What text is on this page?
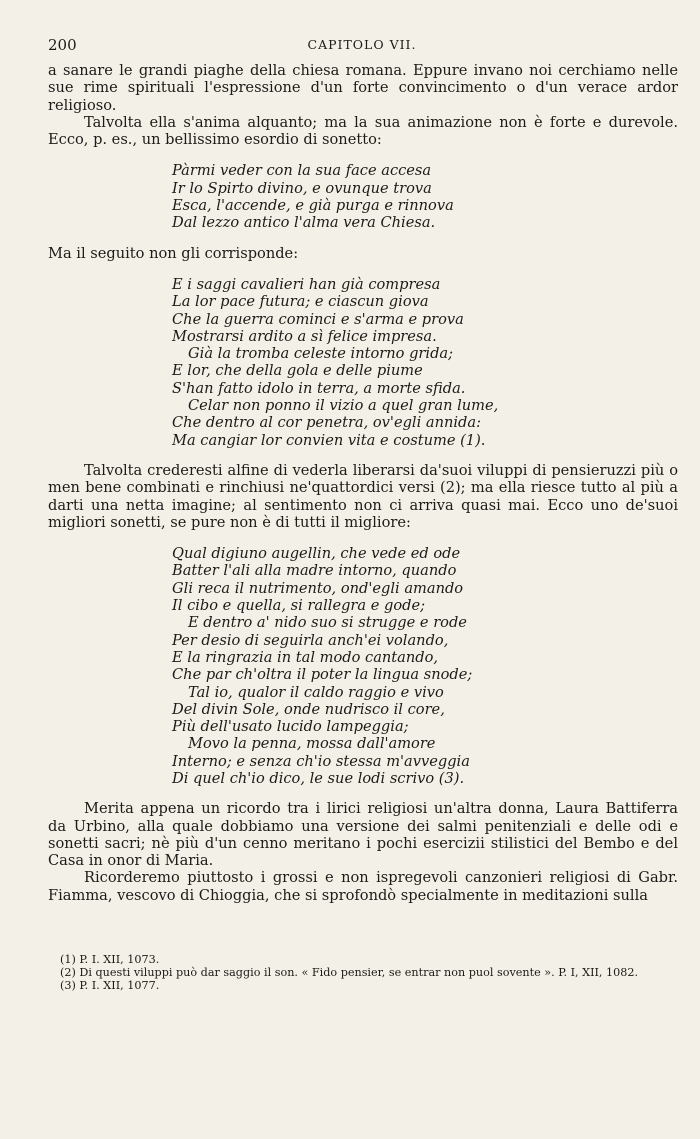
200	CAPITOLO VII.

a sanare le grandi piaghe della chiesa romana. Eppure invano noi cerchiamo nelle sue rime spirituali l'espressione d'un forte convincimento o d'un verace ardor religioso.

Talvolta ella s'anima alquanto; ma la sua animazione non è forte e durevole. Ecco, p. es., un bellissimo esordio di sonetto:

Pàrmi veder con la sua face accesa
Ir lo Spirto divino, e ovunque trova
Esca, l'accende, e già purga e rinnova
Dal lezzo antico l'alma vera Chiesa.

Ma il seguito non gli corrisponde:

E i saggi cavalieri han già compresa
La lor pace futura; e ciascun giova
Che la guerra cominci e s'arma e prova
Mostrarsi ardito a sì felice impresa.
Già la tromba celeste intorno grida;
E lor, che della gola e delle piume
S'han fatto idolo in terra, a morte sfida.
Celar non ponno il vizio a quel gran lume,
Che dentro al cor penetra, ov'egli annida:
Ma cangiar lor convien vita e costume (1).

Talvolta crederesti alfine di vederla liberarsi da'suoi viluppi di pensieruzzi più o men bene combinati e rinchiusi ne'quattordici versi (2); ma ella riesce tutto al più a darti una netta imagine; al sentimento non ci arriva quasi mai. Ecco uno de'suoi migliori sonetti, se pure non è di tutti il migliore:

Qual digiuno augellin, che vede ed ode
Batter l'ali alla madre intorno, quando
Gli reca il nutrimento, ond'egli amando
Il cibo e quella, si rallegra e gode;
E dentro a' nido suo si strugge e rode
Per desio di seguirla anch'ei volando,
E la ringrazia in tal modo cantando,
Che par ch'oltra il poter la lingua snode;
Tal io, qualor il caldo raggio e vivo
Del divin Sole, onde nudrisco il core,
Più dell'usato lucido lampeggia;
Movo la penna, mossa dall'amore
Interno; e senza ch'io stessa m'avveggia
Di quel ch'io dico, le sue lodi scrivo (3).

Merita appena un ricordo tra i lirici religiosi un'altra donna, Laura Battiferra da Urbino, alla quale dobbiamo una versione dei salmi penitenziali e delle odi e sonetti sacri; nè più d'un cenno meritano i pochi esercizii stilistici del Bembo e del Casa in onor di Maria.

Ricorderemo piuttosto i grossi e non ispregevoli canzonieri religiosi di Gabr. Fiamma, vescovo di Chioggia, che si sprofondò specialmente in meditazioni sulla

(1) P. I. XII, 1073.
(2) Di questi viluppi può dar saggio il son. « Fido pensier, se entrar non puol sovente ». P. I, XII, 1082.
(3) P. I. XII, 1077.
